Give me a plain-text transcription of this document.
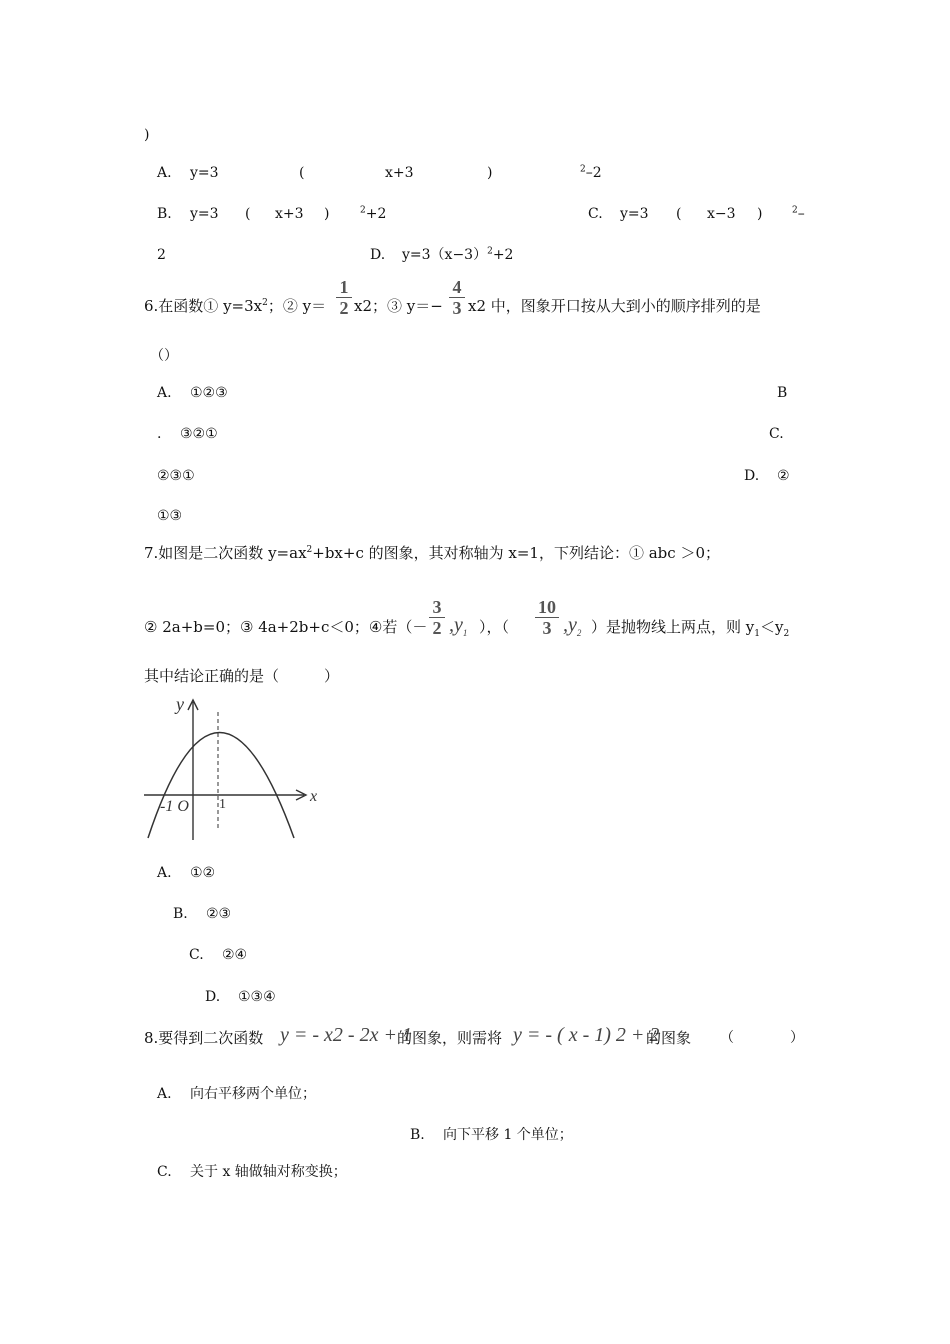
)
A. y=3	(	x+3	)	$^2$–2
B. y=3 ( x+3 )	$^2$+2	C. y=3 ( x−3 )	$^2$–
2	D. $y=3(x-3)^2+2$
6.在函数① $y=3x^2$；② y＝
1
2 x2；③ y＝−
4
3 x2 中，图象开口按从大到小的顺序排列的是
（）
A. ①②③	B
. ③②①	C.
②③①	D. ②
①③
7.如图是二次函数 $y=ax^2+bx+c$ 的图象，其对称轴为 x=1，下列结论：① abc ＞0；
② 2a+b=0；③ 4a+2b+c＜0；④若（－
3
2 $,y_1$ ），（
10
3 $,y_2$ ）是抛物线上两点，则 $y_1<y_2$
其中结论正确的是（　　　）
y
x
-1 O 1
A. ①②
B. ②③
C. ②④
D. ①③④
8.要得到二次函数 y = - x2 - 2x + 1
的图象，则需将 y = - ( x - 1) 2 + 2
的图象 （　　　　）
A. 向右平移两个单位；
B. 向下平移 1 个单位；
C. 关于 x 轴做轴对称变换；
